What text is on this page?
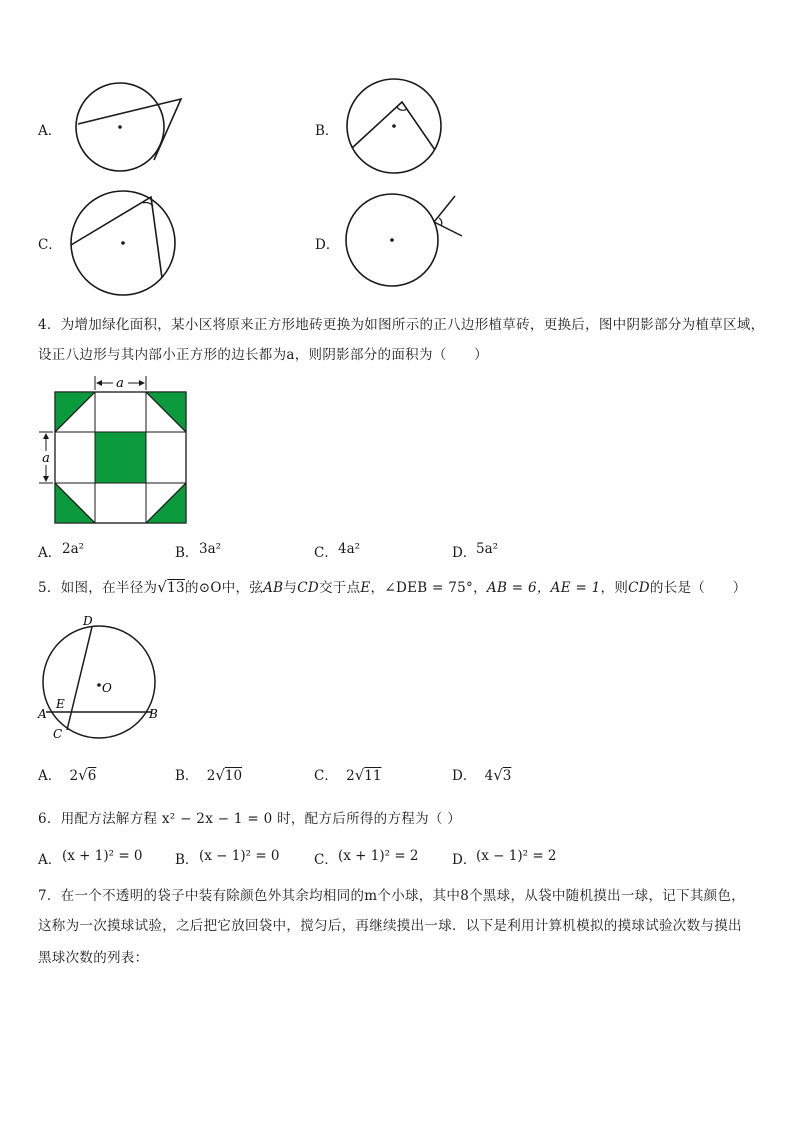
A．	B．
C．	D．
4．为增加绿化面积，某小区将原来正方形地砖更换为如图所示的正八边形植草砖，更换后，图中阴影部分为植草区域，
设正八边形与其内部小正方形的边长都为a，则阴影部分的面积为（　　）
a
a
A． 2a²	B． 3a²	C． 4a²	D． 5a²
5．如图，在半径为√13的⊙O中，弦AB与CD交于点E，∠DEB = 75°，AB = 6，AE = 1，则CD的长是（　　）
D
O
E
A	B
C
A． 2√6	B． 2√10	C． 2√11	D． 4√3
6．用配方法解方程 x² − 2x − 1 = 0 时，配方后所得的方程为（ ）
A． (x + 1)² = 0 B． (x − 1)² = 0	C． (x + 1)² = 2 D． (x − 1)² = 2
7．在一个不透明的袋子中装有除颜色外其余均相同的m个小球，其中8个黑球，从袋中随机摸出一球，记下其颜色，
这称为一次摸球试验，之后把它放回袋中，搅匀后，再继续摸出一球．以下是利用计算机模拟的摸球试验次数与摸出
黑球次数的列表：
